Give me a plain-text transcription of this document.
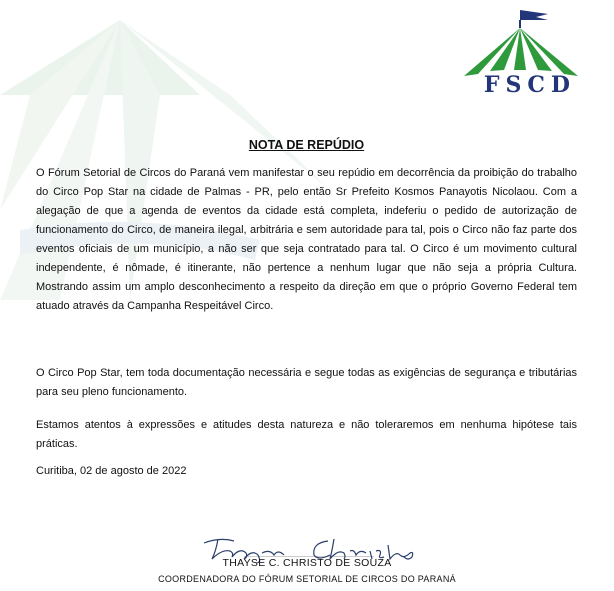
FSCD
NOTA DE REPÚDIO

O Fórum Setorial de Circos do Paraná vem manifestar o seu repúdio em decorrência da proibição do trabalho do Circo Pop Star na cidade de Palmas - PR, pelo então Sr Prefeito Kosmos Panayotis Nicolaou. Com a alegação de que a agenda de eventos da cidade está completa, indeferiu o pedido de autorização de funcionamento do Circo, de maneira ilegal, arbitrária e sem autoridade para tal, pois o Circo não faz parte dos eventos oficiais de um município, a não ser que seja contratado para tal. O Circo é um movimento cultural independente, é nômade, é itinerante, não pertence a nenhum lugar que não seja a própria Cultura. Mostrando assim um amplo desconhecimento a respeito da direção em que o próprio Governo Federal tem atuado através da Campanha Respeitável Circo.

O Circo Pop Star, tem toda documentação necessária e segue todas as exigências de segurança e tributárias para seu pleno funcionamento.

Estamos atentos à expressões e atitudes desta natureza e não toleraremos em nenhuma hipótese tais práticas.

Curitiba, 02 de agosto de 2022
THAYSE C. CHRISTO DE SOUZA
COORDENADORA DO FÓRUM SETORIAL DE CIRCOS DO PARANÁ
